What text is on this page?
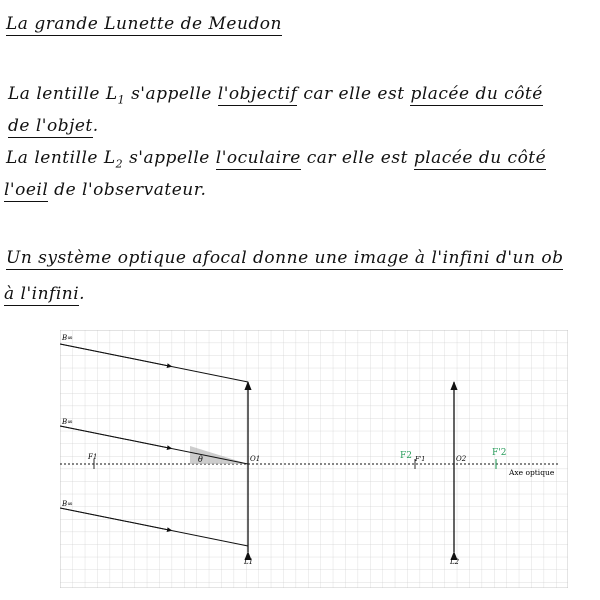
La grande Lunette de Meudon
La lentille $L_1$ s'appelle l'objectif car elle est placée du côté
de l'objet.
La lentille $L_2$ s'appelle l'oculaire car elle est placée du côté
l'oeil de l'observateur.
Un système optique afocal donne une image à l'infini d'un ob
à l'infini.
B∞
B∞
B∞
F1	θ	O1
L1
F2 F'1	O2
F'2
L2
Axe optique
